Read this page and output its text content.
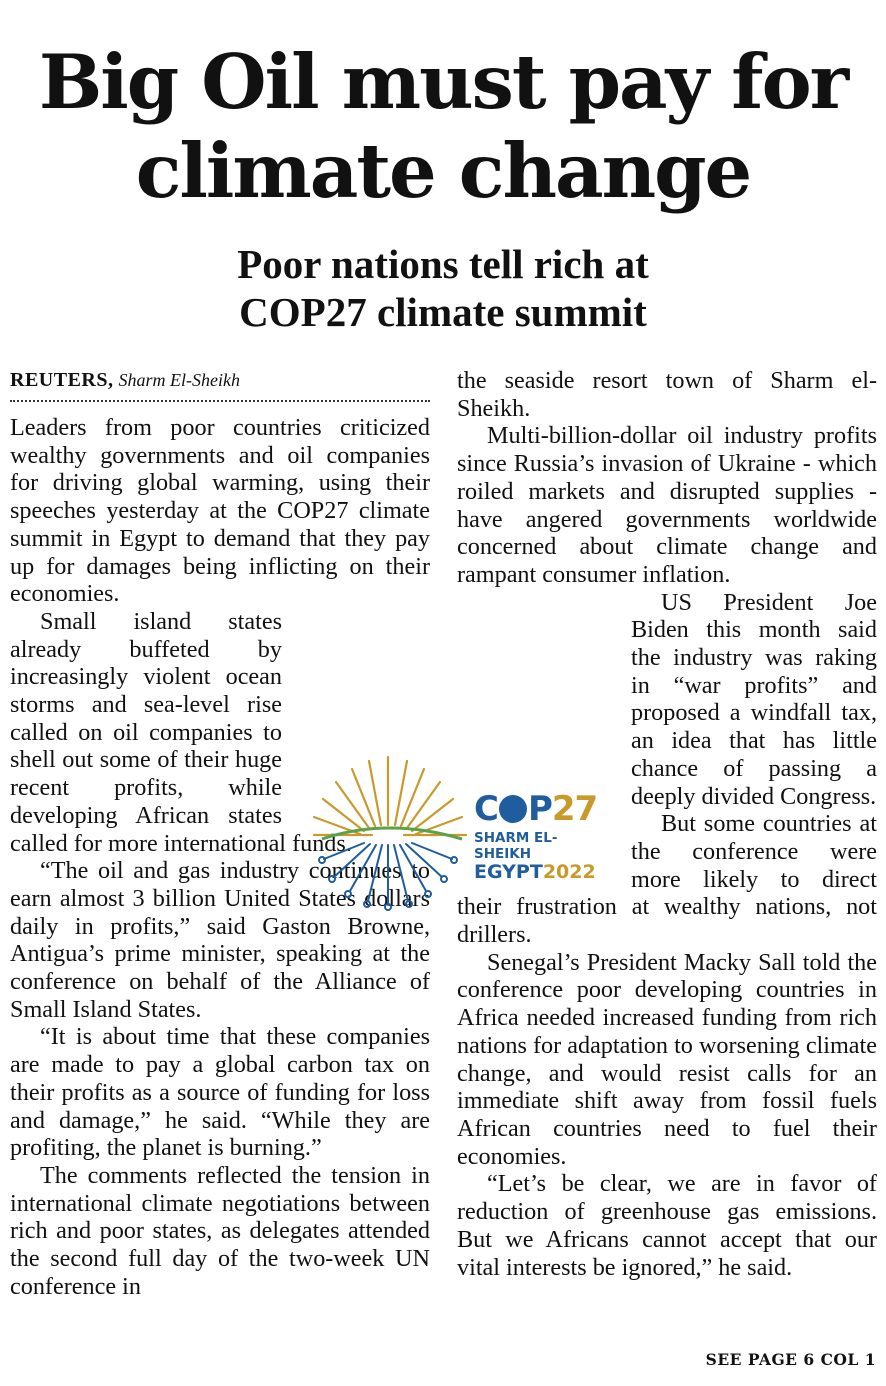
Big Oil must pay for
climate change
Poor nations tell rich at
COP27 climate summit
REUTERS, Sharm El-Sheikh

Leaders from poor countries criticized wealthy governments and oil companies for driving global warming, using their speeches yesterday at the COP27 climate summit in Egypt to demand that they pay up for damages being inflicting on their economies.

Small island states already buffeted by increasingly violent ocean storms and sea-level rise called on oil companies to shell out some of their huge recent profits, while developing African states called for more international funds.

“The oil and gas industry continues to earn almost 3 billion United States dollars daily in profits,” said Gaston Browne, Antigua’s prime minister, speaking at the conference on behalf of the Alliance of Small Island States.

“It is about time that these companies are made to pay a global carbon tax on their profits as a source of funding for loss and damage,” he said. “While they are profiting, the planet is burning.”

The comments reflected the tension in international climate negotiations between rich and poor states, as delegates attended the second full day of the two-week UN conference in

the seaside resort town of Sharm el-Sheikh.

Multi-billion-dollar oil industry profits since Russia’s invasion of Ukraine - which roiled markets and disrupted supplies - have angered governments worldwide concerned about climate change and rampant consumer inflation.

US President Joe Biden this month said the industry was raking in “war profits” and proposed a windfall tax, an idea that has little chance of passing a deeply divided Congress.

But some countries at the conference were more likely to direct their frustration at wealthy nations, not drillers.

Senegal’s President Macky Sall told the conference poor developing countries in Africa needed increased funding from rich nations for adaptation to worsening climate change, and would resist calls for an immediate shift away from fossil fuels African countries need to fuel their economies.

“Let’s be clear, we are in favor of reduction of greenhouse gas emissions. But we Africans cannot accept that our vital interests be ignored,” he said.

C P27
SHARM EL-SHEIKH
EGYPT2022
SEE PAGE 6 COL 1
